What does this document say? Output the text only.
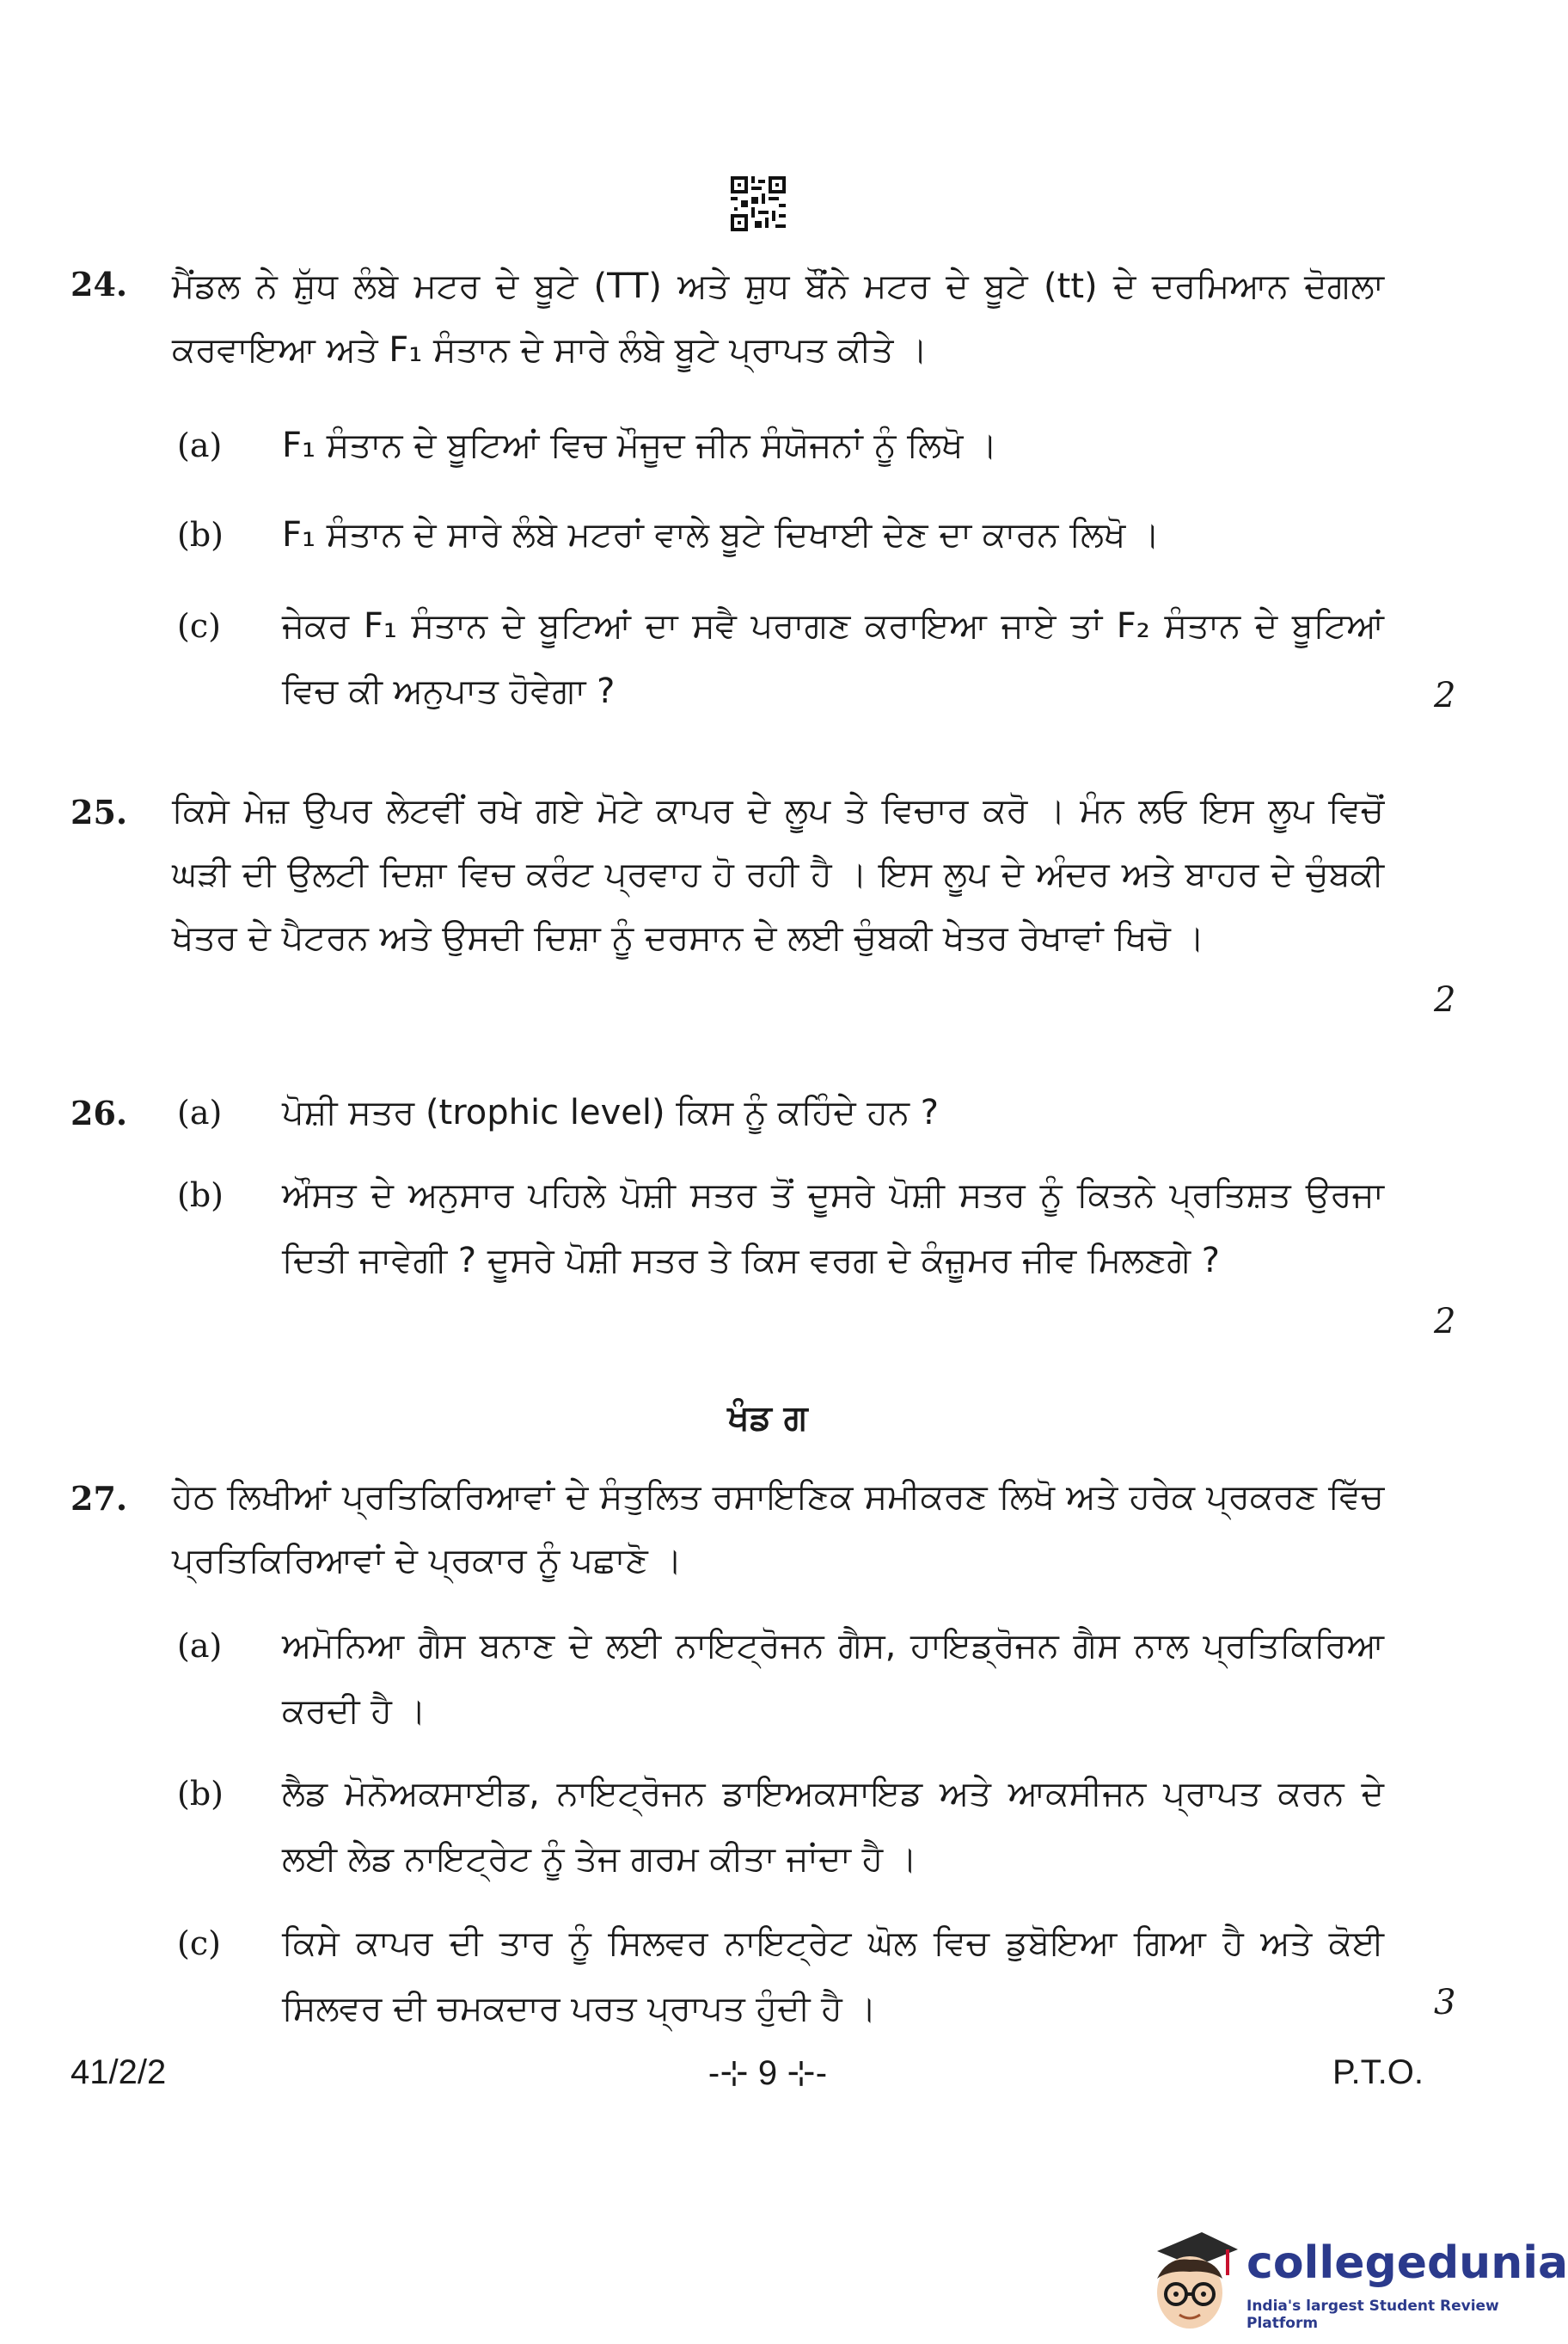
24. ਮੈਂਡਲ ਨੇ ਸ਼ੁੱਧ ਲੰਬੇ ਮਟਰ ਦੇ ਬੂਟੇ (TT) ਅਤੇ ਸ਼ੁਧ ਬੌਂਨੇ ਮਟਰ ਦੇ ਬੂਟੇ (tt) ਦੇ ਦਰਮਿਆਨ ਦੋਗਲਾ ਕਰਵਾਇਆ ਅਤੇ F₁ ਸੰਤਾਨ ਦੇ ਸਾਰੇ ਲੰਬੇ ਬੂਟੇ ਪ੍ਰਾਪਤ ਕੀਤੇ ।
(a) F₁ ਸੰਤਾਨ ਦੇ ਬੂਟਿਆਂ ਵਿਚ ਮੌਜੂਦ ਜੀਨ ਸੰਯੋਜਨਾਂ ਨੂੰ ਲਿਖੋ ।
(b) F₁ ਸੰਤਾਨ ਦੇ ਸਾਰੇ ਲੰਬੇ ਮਟਰਾਂ ਵਾਲੇ ਬੂਟੇ ਦਿਖਾਈ ਦੇਣ ਦਾ ਕਾਰਨ ਲਿਖੋ ।
(c) ਜੇਕਰ F₁ ਸੰਤਾਨ ਦੇ ਬੂਟਿਆਂ ਦਾ ਸਵੈ ਪਰਾਗਣ ਕਰਾਇਆ ਜਾਏ ਤਾਂ F₂ ਸੰਤਾਨ ਦੇ ਬੂਟਿਆਂ ਵਿਚ ਕੀ ਅਨੁਪਾਤ ਹੋਵੇਗਾ ?	2
25. ਕਿਸੇ ਮੇਜ਼ ਉਪਰ ਲੇਟਵੀਂ ਰਖੇ ਗਏ ਮੋਟੇ ਕਾਪਰ ਦੇ ਲੂਪ ਤੇ ਵਿਚਾਰ ਕਰੋ । ਮੰਨ ਲਓ ਇਸ ਲੂਪ ਵਿਚੋਂ ਘੜੀ ਦੀ ਉਲਟੀ ਦਿਸ਼ਾ ਵਿਚ ਕਰੰਟ ਪ੍ਰਵਾਹ ਹੋ ਰਹੀ ਹੈ । ਇਸ ਲੂਪ ਦੇ ਅੰਦਰ ਅਤੇ ਬਾਹਰ ਦੇ ਚੁੰਬਕੀ ਖੇਤਰ ਦੇ ਪੈਟਰਨ ਅਤੇ ਉਸਦੀ ਦਿਸ਼ਾ ਨੂੰ ਦਰਸਾਨ ਦੇ ਲਈ ਚੁੰਬਕੀ ਖੇਤਰ ਰੇਖਾਵਾਂ ਖਿਚੋ ।
2
26. (a) ਪੋਸ਼ੀ ਸਤਰ (trophic level) ਕਿਸ ਨੂੰ ਕਹਿੰਦੇ ਹਨ ?
(b) ਔਸਤ ਦੇ ਅਨੁਸਾਰ ਪਹਿਲੇ ਪੋਸ਼ੀ ਸਤਰ ਤੋਂ ਦੂਸਰੇ ਪੋਸ਼ੀ ਸਤਰ ਨੂੰ ਕਿਤਨੇ ਪ੍ਰਤਿਸ਼ਤ ਉਰਜਾ ਦਿਤੀ ਜਾਵੇਗੀ ? ਦੂਸਰੇ ਪੋਸ਼ੀ ਸਤਰ ਤੇ ਕਿਸ ਵਰਗ ਦੇ ਕੰਜ਼ੂਮਰ ਜੀਵ ਮਿਲਣਗੇ ?
2
ਖੰਡ ਗ
27. ਹੇਠ ਲਿਖੀਆਂ ਪ੍ਰਤਿਕਿਰਿਆਵਾਂ ਦੇ ਸੰਤੁਲਿਤ ਰਸਾਇਣਿਕ ਸਮੀਕਰਣ ਲਿਖੋ ਅਤੇ ਹਰੇਕ ਪ੍ਰਕਰਣ ਵਿੱਚ ਪ੍ਰਤਿਕਿਰਿਆਵਾਂ ਦੇ ਪ੍ਰਕਾਰ ਨੂੰ ਪਛਾਣੋ ।
(a) ਅਮੋਨਿਆ ਗੈਸ ਬਨਾਣ ਦੇ ਲਈ ਨਾਇਟ੍ਰੋਜਨ ਗੈਸ, ਹਾਇਡ੍ਰੋਜਨ ਗੈਸ ਨਾਲ ਪ੍ਰਤਿਕਿਰਿਆ ਕਰਦੀ ਹੈ ।
(b) ਲੈਡ ਮੋਨੋਅਕਸਾਈਡ, ਨਾਇਟ੍ਰੋਜਨ ਡਾਇਅਕਸਾਇਡ ਅਤੇ ਆਕਸੀਜਨ ਪ੍ਰਾਪਤ ਕਰਨ ਦੇ ਲਈ ਲੇਡ ਨਾਇਟ੍ਰੇਟ ਨੂੰ ਤੇਜ ਗਰਮ ਕੀਤਾ ਜਾਂਦਾ ਹੈ ।
(c) ਕਿਸੇ ਕਾਪਰ ਦੀ ਤਾਰ ਨੂੰ ਸਿਲਵਰ ਨਾਇਟ੍ਰੇਟ ਘੋਲ ਵਿਚ ਡੁਬੋਇਆ ਗਿਆ ਹੈ ਅਤੇ ਕੋਈ ਸਿਲਵਰ ਦੀ ਚਮਕਦਾਰ ਪਰਤ ਪ੍ਰਾਪਤ ਹੁੰਦੀ ਹੈ ।	3
41/2/2	-⊹ 9 ⊹-	P.T.O.
collegedunia
India's largest Student Review Platform
